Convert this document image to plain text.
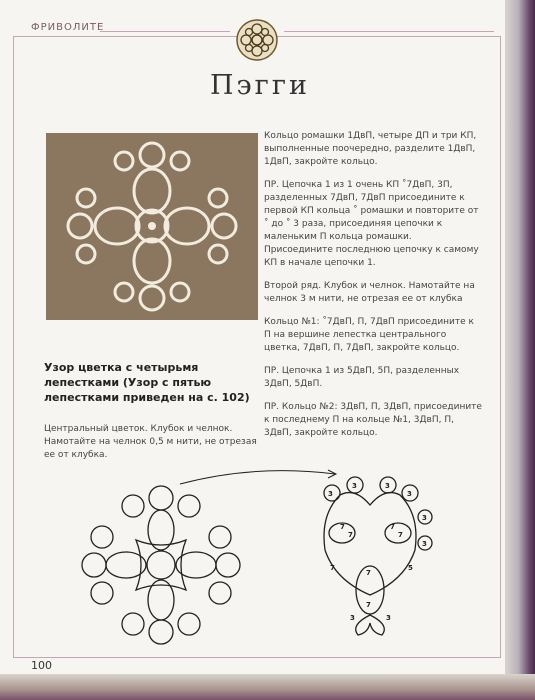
ФРИВОЛИТЕ
Пэгги
Узор цветка с четырьмя лепестками (Узор с пятью лепестками приведен на с. 102)
Центральный цветок. Клубок и челнок. Намотайте на челнок 0,5 м нити, не отрезая ее от клубка.

Кольцо ромашки 1ДвП, четыре ДП и три КП, выполненные поочередно, разделите 1ДвП, 1ДвП, закройте кольцо.

ПР. Цепочка 1 из 1 очень КП ˚7ДвП, 3П, разделенных 7ДвП, 7ДвП присоедините к первой КП кольца ˚ ромашки и повторите от ˚ до ˚ 3 раза, присоединяя цепочки к маленьким П кольца ромашки. Присоедините последнюю цепочку к самому КП в начале цепочки 1.

Второй ряд. Клубок и челнок. Намотайте на челнок 3 м нити, не отрезая ее от клубка

Кольцо №1: ˚7ДвП, П, 7ДвП присоедините к П на вершине лепестка центрального цветка, 7ДвП, П, 7ДвП, закройте кольцо.

ПР. Цепочка 1 из 5ДвП, 5П, разделенных 3ДвП, 5ДвП.

ПР. Кольцо №2: 3ДвП, П, 3ДвП, присоедините к последнему П на кольце №1, 3ДвП, П, 3ДвП, закройте кольцо.

3
3	3
3
3
3
7
7
7
7
7
7
7	5
3	3
100
